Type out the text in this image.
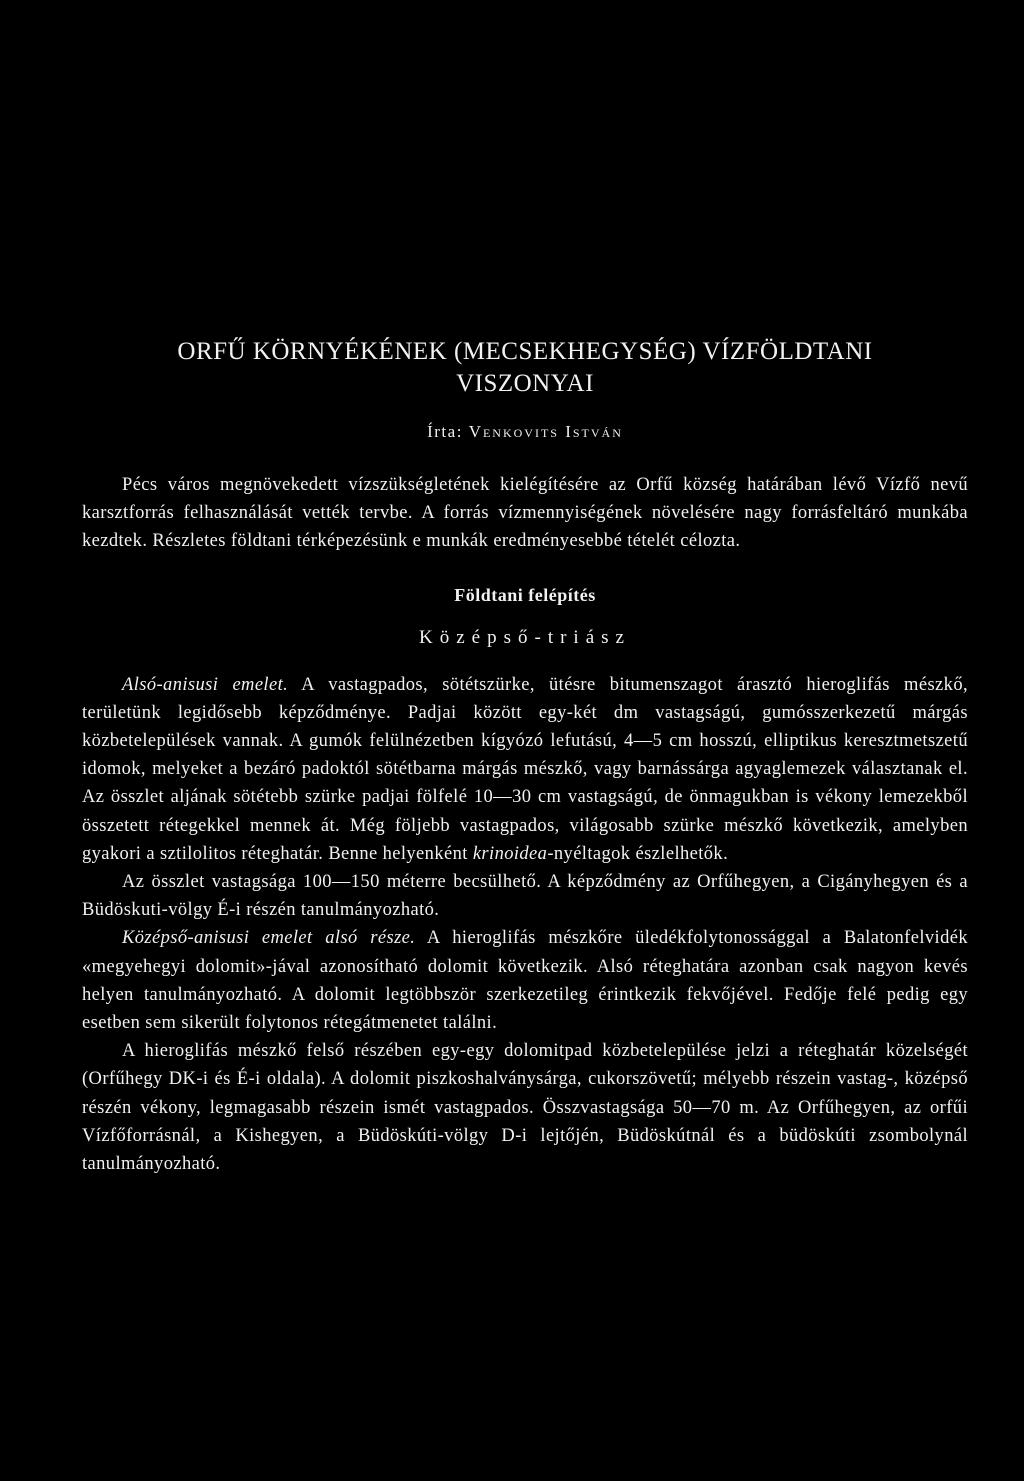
ORFŰ KÖRNYÉKÉNEK (MECSEKHEGYSÉG) VÍZFÖLDTANI
VISZONYAI
Írta: Venkovits István

Pécs város megnövekedett vízszükségletének kielégítésére az Orfű község határában lévő Vízfő nevű karsztforrás felhasználását vették tervbe. A forrás vízmennyiségének növelésére nagy forrásfeltáró munkába kezdtek. Részletes földtani térképezésünk e munkák eredményesebbé tételét célozta.

Földtani felépítés
Középső-triász

Alsó-anisusi emelet. A vastagpados, sötétszürke, ütésre bitumenszagot árasztó hieroglifás mészkő, területünk legidősebb képződménye. Padjai között egy-két dm vastagságú, gumósszerkezetű márgás közbetelepülések vannak. A gumók felülnézetben kígyózó lefutású, 4—5 cm hosszú, elliptikus keresztmetszetű idomok, melyeket a bezáró padoktól sötétbarna márgás mészkő, vagy barnássárga agyaglemezek választanak el. Az összlet aljának sötétebb szürke padjai fölfelé 10—30 cm vastagságú, de önmagukban is vékony lemezekből összetett rétegekkel mennek át. Még följebb vastagpados, világosabb szürke mészkő következik, amelyben gyakori a sztilolitos réteghatár. Benne helyenként krinoidea-nyéltagok észlelhetők.

Az összlet vastagsága 100—150 méterre becsülhető. A képződmény az Orfűhegyen, a Cigányhegyen és a Büdöskuti-völgy É-i részén tanulmányozható.

Középső-anisusi emelet alsó része. A hieroglifás mészkőre üledékfolytonossággal a Balatonfelvidék «megyehegyi dolomit»-jával azonosítható dolomit következik. Alsó réteghatára azonban csak nagyon kevés helyen tanulmányozható. A dolomit legtöbbször szerkezetileg érintkezik fekvőjével. Fedője felé pedig egy esetben sem sikerült folytonos rétegátmenetet találni.

A hieroglifás mészkő felső részében egy-egy dolomitpad közbetelepülése jelzi a réteghatár közelségét (Orfűhegy DK-i és É-i oldala). A dolomit piszkoshalványsárga, cukorszövetű; mélyebb részein vastag-, középső részén vékony, legmagasabb részein ismét vastagpados. Összvastagsága 50—70 m. Az Orfűhegyen, az orfűi Vízfőforrásnál, a Kishegyen, a Büdöskúti-völgy D-i lejtőjén, Büdöskútnál és a büdöskúti zsombolynál tanulmányozható.
